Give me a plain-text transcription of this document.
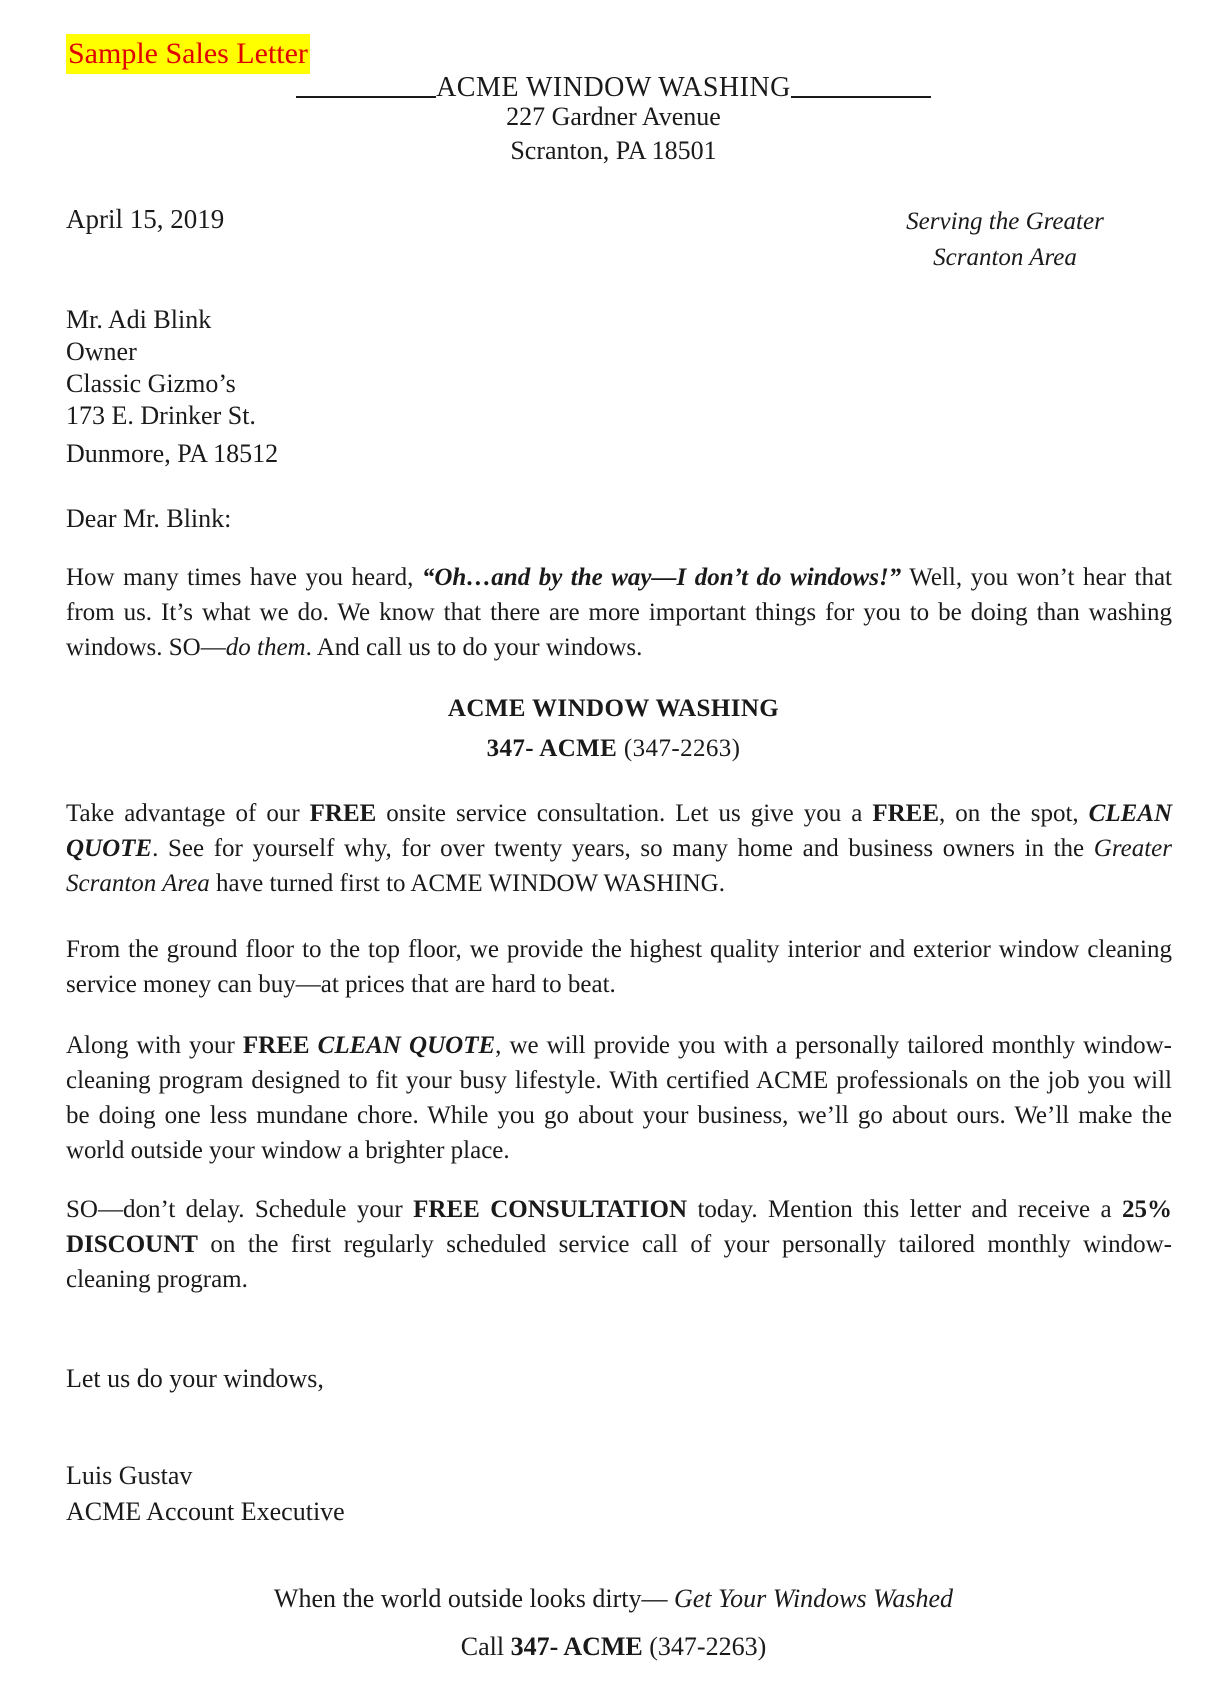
Sample Sales Letter
ACME WINDOW WASHING
227 Gardner Avenue
Scranton, PA 18501
April 15, 2019	Serving the Greater
Scranton Area
Mr. Adi Blink
Owner
Classic Gizmo’s
173 E. Drinker St.
Dunmore, PA 18512
Dear Mr. Blink:
How many times have you heard, “Oh…and by the way—I don’t do windows!” Well, you won’t hear that from us. It’s what we do. We know that there are more important things for you to be doing than washing windows. SO—do them. And call us to do your windows.
ACME WINDOW WASHING
347- ACME (347-2263)
Take advantage of our FREE onsite service consultation. Let us give you a FREE, on the spot, CLEAN QUOTE. See for yourself why, for over twenty years, so many home and business owners in the Greater Scranton Area have turned first to ACME WINDOW WASHING.
From the ground floor to the top floor, we provide the highest quality interior and exterior window cleaning service money can buy—at prices that are hard to beat.
Along with your FREE CLEAN QUOTE, we will provide you with a personally tailored monthly window-cleaning program designed to fit your busy lifestyle. With certified ACME professionals on the job you will be doing one less mundane chore. While you go about your business, we’ll go about ours. We’ll make the world outside your window a brighter place.
SO—don’t delay. Schedule your FREE CONSULTATION today. Mention this letter and receive a 25% DISCOUNT on the first regularly scheduled service call of your personally tailored monthly window-cleaning program.
Let us do your windows,
Luis Gustav
ACME Account Executive
When the world outside looks dirty— Get Your Windows Washed
Call 347- ACME (347-2263)
